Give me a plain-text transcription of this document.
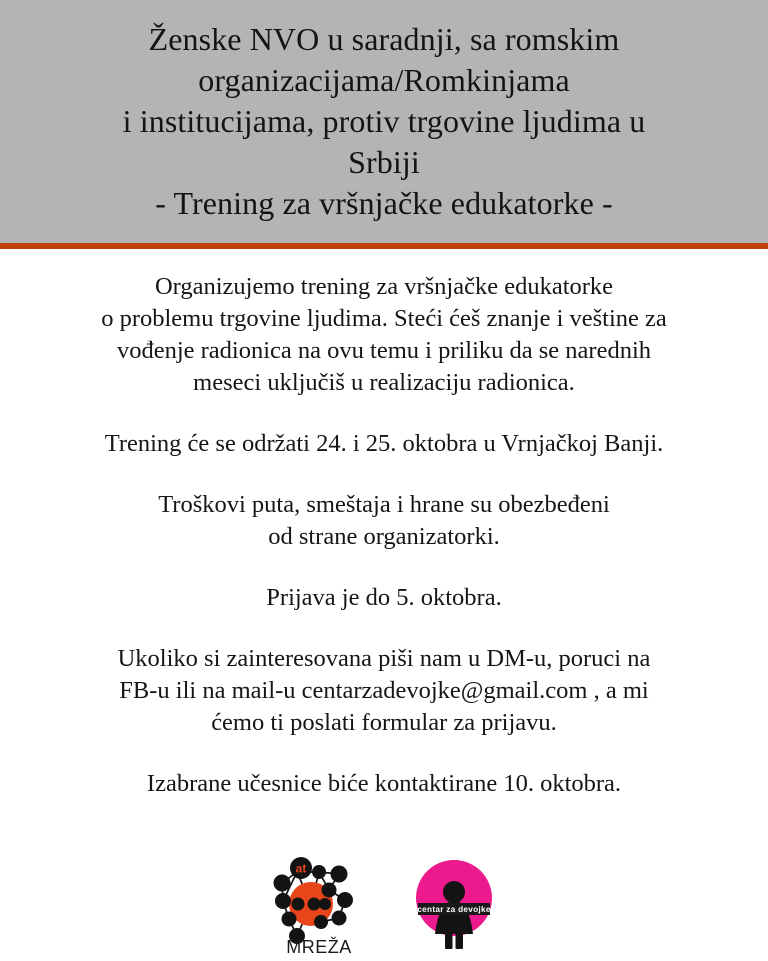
Ženske NVO u saradnji, sa romskim
organizacijama/Romkinjama
i institucijama, protiv trgovine ljudima u
Srbiji
- Trening za vršnjačke edukatorke -

Organizujemo trening za vršnjačke edukatorke
o problemu trgovine ljudima. Steći ćeš znanje i veštine za
vođenje radionica na ovu temu i priliku da se narednih
meseci uključiš u realizaciju radionica.

Trening će se održati 24. i 25. oktobra u Vrnjačkoj Banji.

Troškovi puta, smeštaja i hrane su obezbeđeni
od strane organizatorki.

Prijava je do 5. oktobra.

Ukoliko si zainteresovana piši nam u DM-u, poruci na
FB-u ili na mail-u centarzadevojke@gmail.com , a mi
ćemo ti poslati formular za prijavu.

Izabrane učesnice biće kontaktirane 10. oktobra.

at
MREŽA
centar za devojke
